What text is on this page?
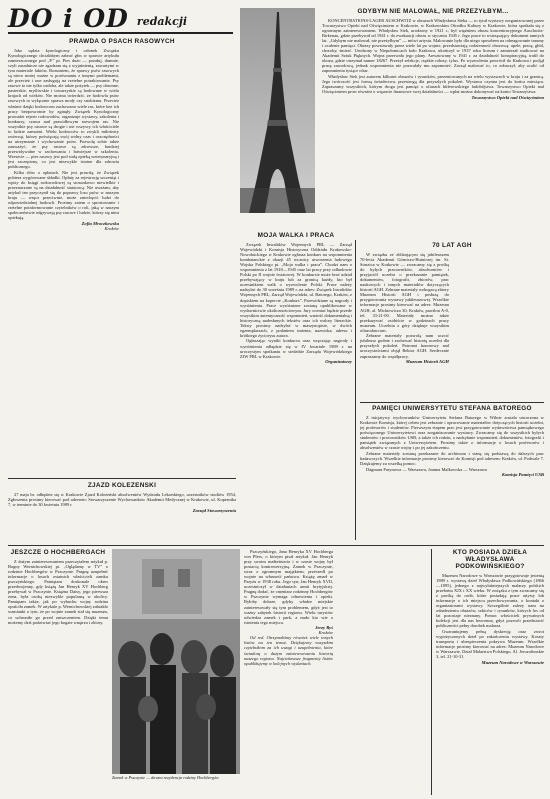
DO i OD redakcji
PRAWDA O PSACH RASOWYCH

Jako sędzia kynologiczny i członek Związku Kynologicznego chciałabym zabrać głos w sprawie artykułu zamieszczonego pod „P.” pt. Pies dużo — pożałuj, dumnie, czyli zasadnicze nie zgadzam się z wyjaśnienią, zawartymi w tym materiale faktów. Rozumiem, że sprawy psów rasowych są nieco mniej ważne w porównaniu z innymi problemami, ale przecież i one zasługują na rzetelne potraktowanie. Psy rasowe to nie tylko ozdoba, ale także pożytek — psy obronne, pasterskie, myśliwskie i towarzyskie są hodowane w wielu krajach od wieków. Nie można twierdzić, że hodowla psów rasowych to wyłącznie sprawa mody czy snobizmu. Przecież właśnie dzięki hodowcom zachowano wiele ras, które bez ich pracy bezpowrotnie by zginęły. Związek Kynologiczny prowadzi rejestr rodowodów, organizuje wystawy, szkolenia i konkursy, czuwa nad prawidłowym rozwojem ras. Nie wszystkie psy rasowe są drogie i nie wszyscy ich właściciele to ludzie zamożni. Wielu hodowców to zwykli miłośnicy zwierząt, którzy poświęcają swój wolny czas i oszczędności na utrzymanie i wychowanie psów. Pozwolę sobie także zauważyć, że psy rasowe są zdrowsze, bardziej przewidywalne w zachowaniu i łatwiejsze w szkoleniu. Wreszcie — pies rasowy jest pod stałą opieką weterynaryjną i jest szczepiony, co jest niezwykle istotne dla zdrowia publicznego.

Kilka słów o opłatach. Nie jest prawdą, że Związek pobiera wygórowane składki. Opłaty za rejestrację szczeniąt i wpisy do księgi rodowodowej są stosunkowo niewielkie i przeznaczone są na działalność statutową. Nie uważam, aby artykuł ten przyczynił się do poprawy losu psów w naszym kraju — wręcz przeciwnie, może zniechęcić ludzi do odpowiedzialnej hodowli. Prosimy zatem o sprostowanie i rzetelne poinformowanie czytelników o roli, jaką w naszym społeczeństwie odgrywają psy rasowe i ludzie, którzy się nimi opiekują.

Zofia Mroczkowska
Kraków
ZJAZD KOLEŻEŃSKI

27 maja br. odbędzie się w Krakowie Zjazd Koleżeński absolwentów Wydziału Lekarskiego, uczestników studiów 1954, Zgłoszenia prosimy kierować pod adresem: Stowarzyszenie Wychowanków Akademii Medycznej w Krakowie, ul. Kopernika 7, w terminie do 30 kwietnia 1989 r.

Zarząd Stowarzyszenia
GDYBYM NIE MALOWAŁ, NIE PRZEŻYŁBYM...

KONCENTRATIONS-LAGER AUSCHWITZ w obrazach Władysława Sieka — to tytuł wystawy zorganizowanej przez Towarzystwo Opieki nad Oświęcimiem w Krakowie, w Krakowskim Ośrodku Kultury w Krakowie, która spotkała się z ogromnym zainteresowaniem. Władysław Siek, urodzony w 1921 r., był więźniem obozu koncentracyjnego Auschwitz-Birkenau, gdzie przebywał od 1941 r. do ewakuacji obozu w styczniu 1945 r. Jego prace to wstrząsający dokument tamtych lat. „Gdybym nie malował, nie przeżyłbym” — mówi artysta. Malowanie było dla niego sposobem na odreagowanie traumy i ocalenie pamięci. Obrazy powstawały przez wiele lat po wojnie, przedstawiają codzienność obozową: apele, pracę, głód, choroby, śmierć. Urodzony w Niepołomicach koło Krakowa, ukończył w 1937 roku liceum i zamierzał studiować na Akademii Sztuk Pięknych. Wojna przerwała jego plany. Aresztowany w 1941 r. za działalność konspiracyjną, trafił do obozu, gdzie otrzymał numer 18267. Przeżył selekcje, ciężkie roboty, tyfus. Po wyzwoleniu powrócił do Krakowa i podjął pracę zawodową, jednak wspomnienia nie pozwalały mu zapomnieć. Zaczął malować to, co zobaczył, aby ocalić od zapomnienia tysiące ofiar.

Władysław Siek jest autorem kilkuset obrazów i rysunków, prezentowanych na wielu wystawach w kraju i za granicą. Jego twórczość jest formą świadectwa, przestrogą dla przyszłych pokoleń. Wystawa czynna jest do końca miesiąca. Zapraszamy wszystkich, którym droga jest pamięć o ofiarach hitlerowskiego ludobójstwa. Towarzystwo Opieki nad Oświęcimiem prosi również o wsparcie finansowe swej działalności — wpłat można dokonywać na konto Towarzystwa.

Towarzystwo Opieki nad Oświęcimiem
MOJA WALKA I PRACA

Związek Inwalidów Wojennych PRL — Zarząd Wojewódzki i Komisja Historyczna Oddziału Krakowsko-Nowohuckiego w Krakowie ogłasza konkurs na wspomnienia kombatanckie z okazji 45 rocznicy utworzenia ludowego Wojska Polskiego pt. „Moja walka i praca”. Chodzi nam o wspomnienia z lat 1918—1945 oraz lat pracy przy odbudowie Polski po II wojnie światowej. W konkursie może brać udział przebywający w kraju lub za granicą każdy, kto był uczestnikiem walk o wyzwolenie Polski. Prace należy nadsyłać do 30 września 1989 r. na adres: Związek Inwalidów Wojennych PRL, Zarząd Wojewódzki, ul. Batorego, Kraków, z dopiskiem na kopercie „Konkurs”. Przewidziane są nagrody i wyróżnienia. Prace wyróżnione zostaną opublikowane w wydawnictwie okolicznościowym. Jury oceniać będzie przede wszystkim autentyczność wspomnień, wartość dokumentalną i historyczną nadesłanych tekstów oraz ich walory literackie. Teksty prosimy nadsyłać w maszynopisie, w dwóch egzemplarzach, z podaniem imienia, nazwiska, adresu i krótkiego życiorysu autora.

Ogłaszając wyniki konkursu oraz wręczając nagrody i wyróżnienia odbędzie się w IV kwartale 1989 r. na uroczystym spotkaniu w siedzibie Zarządu Wojewódzkiego ZIW PRL w Krakowie.

Organizatorzy
70 LAT AGH

W związku ze zbliżającym się jubileuszem 70-lecia Akademii Górniczo-Hutniczej im. St. Staszica w Krakowie — zwracamy się z prośbą do byłych pracowników, absolwentów i przyjaciół uczelni o przekazanie pamiątek, dokumentów, fotografii, zbiorów, prac naukowych i innych materiałów dotyczących historii AGH. Zebrane materiały wzbogacą zbiory Muzeum Historii AGH i posłużą do przygotowania wystawy jubileuszowej. Wszelkie informacje prosimy kierować na adres: Muzeum AGH, al. Mickiewicza 30, Kraków, pawilon A-0, tel. 33-21-00. Materiały można także przekazywać osobiście w godzinach pracy muzeum. Uczelnia z góry dziękuje wszystkim ofiarodawcom.

Zebrane materiały pozwolą nam uczcić jubileusz godnie i zachować historię uczelni dla przyszłych pokoleń. Patronat honorowy nad uroczystościami objął Rektor AGH. Serdecznie zapraszamy do współpracy.

Muzeum Historii AGH
PAMIĘCI UNIWERSYTETU STEFANA BATOREGO

Z inicjatywy wychowanków Uniwersytetu Stefana Batorego w Wilnie została utworzona w Krakowie Komisja, której celem jest zebranie i opracowanie materiałów dotyczących historii uczelni, jej profesorów i studentów. Pierwszym etapem prac jest przygotowanie wydawnictwa pamiątkowego poświęconego Uniwersytetowi oraz zorganizowanie wystawy. Zwracamy się do wszystkich byłych studentów i pracowników USB, a także ich rodzin, o nadsyłanie wspomnień, dokumentów, fotografii i pamiątek związanych z Uniwersytetem. Prosimy także o informacje o losach profesorów i absolwentów w czasie wojny i po jej zakończeniu.

Zebrane materiały zostaną przekazane do archiwum i staną się podstawą do dalszych prac badawczych. Wszelkie informacje prosimy kierować do Komisji pod adresem: Kraków, ul. Podwale 7. Dziękujemy za wszelką pomoc.

Dagmara Parynowa — Warszawa, Joanna Malkowska — Warszawa

Komisja Pamięci USB
JESZCZE O HOCHBERGACH

Z dużym zainteresowaniem przeczytałem artykuł p. Bogny Wernichowskiej pt. „Oglądamy w TV” o rodzinie Hochbergów w Pszczynie. Pragnę uzupełnić informacje o losach ostatnich właścicieli zamku pszczyńskiego. Pamiętam doskonale okres przedwojenny, gdy książę Jan Henryk XV Hochberg przebywał w Pszczynie. Księżna Daisy, jego pierwsza żona, była osobą niezwykle popularną w okolicy. Pamiętam także, jak po wybuchu wojny rodzina opuściła zamek. W artykule p. Wernichowskiej zabrakło wzmianki o tym, że po wojnie zamek stał się muzeum, co uchroniło go przed zniszczeniem. Dzięki temu możemy dziś podziwiać jego bogate wnętrza i zbiory.

Zamek w Pszczynie — dawna rezydencja rodziny Hochbergów

Pszczyńskiego, Jana Henryka XV Hochberga von Pless, o którym pisał artykuł. Jan Henryk przy swoim małżeństwie i w czasie wojny był postacią kontrowersyjną. Zamek w Pszczynie, wraz z ogromnym majątkiem, przeszedł po wojnie na własność państwa. Książę zmarł w Paryżu w 1938 roku. Jego syn, Jan Henryk XVII, uczestniczył w działaniach armii brytyjskiej. Pragnę dodać, że cmentarz rodzinny Hochbergów w Pszczynie wymaga odnowienia i opieki. Byłoby dobrze, gdyby władze miejskie zainteresowały się tym problemem, gdyż jest to ważny zabytek historii regionu. Wielu turystów odwiedza zamek i park, a mało kto wie o istnieniu tego miejsca.

Jerzy Ryś
Kraków

Od red. Otrzymaliśmy również wiele innych listów na ten temat. Dziękujemy wszystkim czytelnikom za ich uwagi i uzupełnienia, które świadczą o dużym zainteresowaniu historią naszego regionu. Najciekawsze fragmenty listów opublikujemy w kolejnych wydaniach.

KTO POSIADA DZIEŁA WŁADYSŁAWA PODKOWIŃSKIEGO?

Muzeum Narodowe w Warszawie przygotowuje jesienią 1989 r. wystawę dzieł Władysława Podkowińskiego (1866—1895), jednego z najwybitniejszych malarzy polskich przełomu XIX i XX wieku. W związku z tym zwracamy się z prośbą do osób, które posiadają prace artysty lub informacje o ich miejscu przechowywania, o kontakt z organizatorami wystawy. Szczególnie zależy nam na odnalezieniu obrazów, szkiców i rysunków, których los od lat pozostaje nieznany. Pomoc właścicieli prywatnych kolekcji jest dla nas bezcenna, gdyż pozwoli przedstawić publiczności pełny dorobek malarza.

Gwarantujemy pełną dyskrecję oraz zwrot wypożyczonych dzieł po zakończeniu wystawy. Koszty transportu i ubezpieczenia pokrywa Muzeum. Wszelkie informacje prosimy kierować na adres: Muzeum Narodowe w Warszawie, Dział Malarstwa Polskiego, Al. Jerozolimskie 3, tel. 21-10-31.

Muzeum Narodowe w Warszawie
